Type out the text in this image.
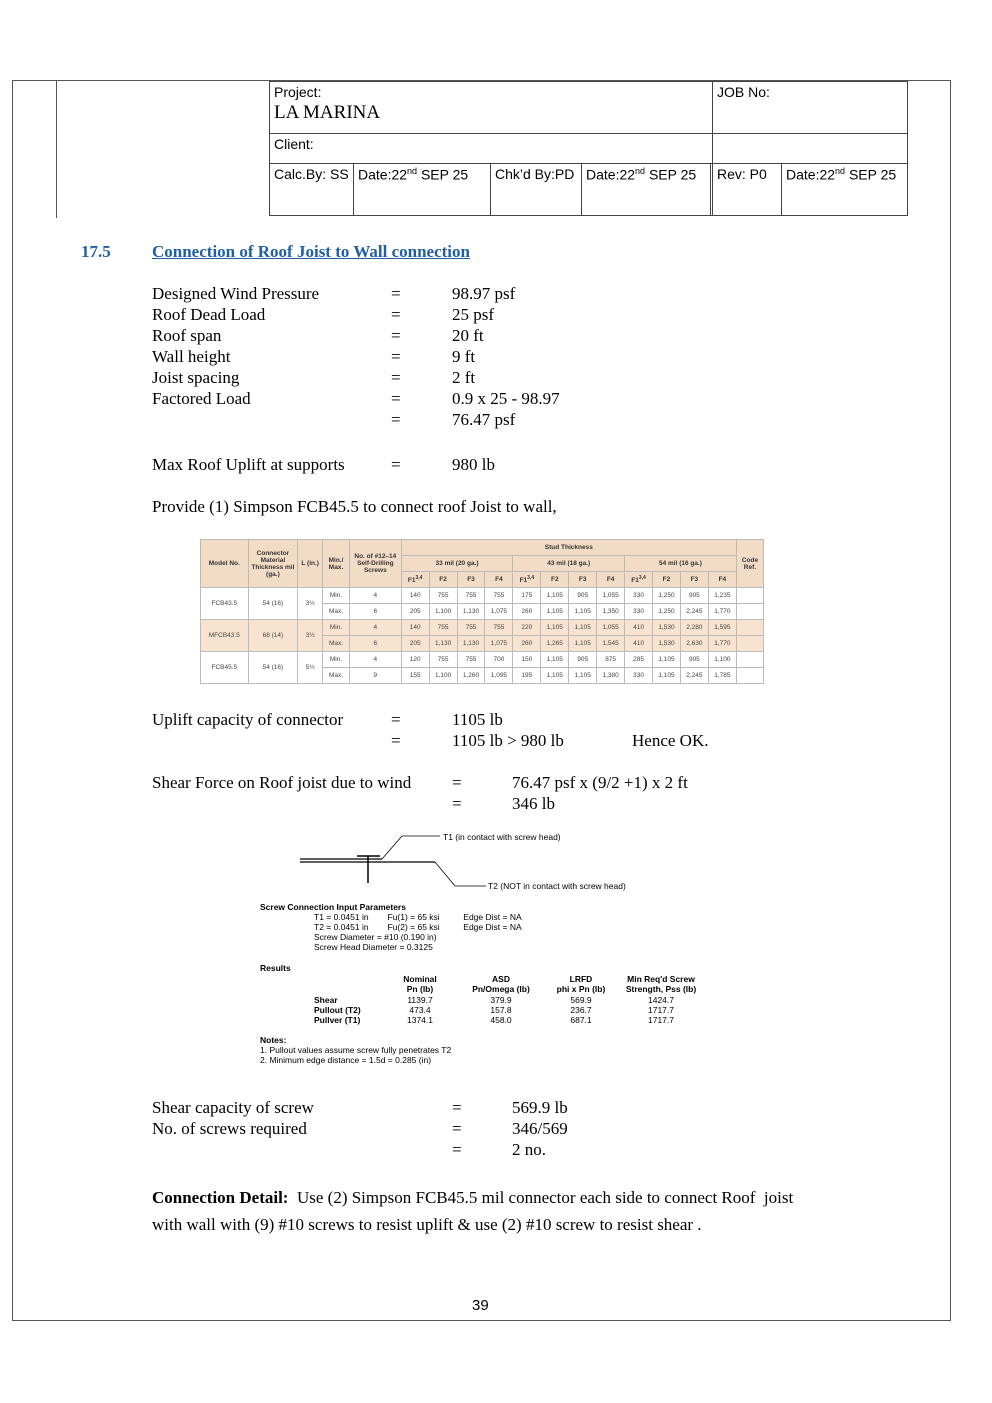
Project:
LA MARINA					JOB No:	
Client:						
Calc.By: SS	Date:22nd SEP 25	Chk’d By:PD	Date:22nd SEP 25		Rev: P0	Date:22nd SEP 25
17.5 Connection of Roof Joist to Wall connection
Designed Wind Pressure	=	98.97 psf
Roof Dead Load	=	25 psf
Roof span	=	20 ft
Wall height	=	9 ft
Joist spacing	=	2 ft
Factored Load	=	0.9 x 25 - 98.97
=	76.47 psf
Max Roof Uplift at supports	=	980 lb
Provide (1) Simpson FCB45.5 to connect roof Joist to wall,
Model No.	Connector Material Thickness mil (ga.)	L (in.)	Min./ Max.	No. of #12–14 Self-Drilling Screws	Stud Thickness												Code Ref.
					33 mil (20 ga.)				43 mil (18 ga.)				54 mil (16 ga.)				
					F1$^{3,4}$	F2	F3	F4	F1$^{3,4}$	F2	F3	F4	F1$^{3,4}$	F2	F3	F4	
FCB43.5	54 (16)	3½	Min.	4	140	755	755	755	175	1,105	905	1,055	330	1,250	905	1,235	
			Max.	6	205	1,100	1,130	1,075	260	1,105	1,105	1,350	330	1,250	2,245	1,770	
MFCB43.5	68 (14)	3½	Min.	4	140	755	755	755	220	1,105	1,105	1,055	410	1,530	2,280	1,595	
			Max.	6	205	1,130	1,130	1,075	260	1,265	1,105	1,545	410	1,530	2,630	1,770	
FCB45.5	54 (16)	5½	Min.	4	120	755	755	700	150	1,105	905	875	285	1,105	905	1,100	
			Max.	9	155	1,100	1,260	1,095	195	1,105	1,105	1,380	330	1,105	2,245	1,785	
Uplift capacity of connector	=	1105 lb
=	1105 lb > 980 lb	Hence OK.
Shear Force on Roof joist due to wind =	76.47 psf x (9/2 +1) x 2 ft
=	346 lb
T1 (in contact with screw head)
T2 (NOT in contact with screw head)
Screw Connection Input Parameters
T1 = 0.0451 in        Fu(1) = 65 ksi          Edge Dist = NA
T2 = 0.0451 in        Fu(2) = 65 ksi          Edge Dist = NA
Screw Diameter = #10 (0.190 in)
Screw Head Diameter = 0.3125
Results
Nominal
Pn (lb)
ASD
Pn/Omega (lb)
LRFD
phi x Pn (lb)
Min Req'd Screw
Strength, Pss (lb)
Shear	1139.7	379.9	569.9	1424.7
Pullout (T2)	473.4	157.8	236.7	1717.7
Pullver (T1)	1374.1	458.0	687.1	1717.7
Notes:
1. Pullout values assume screw fully penetrates T2
2. Minimum edge distance = 1.5d = 0.285 (in)
Shear capacity of screw	=	569.9 lb
No. of screws required	=	346/569
=	2 no.
Connection Detail:  Use (2) Simpson FCB45.5 mil connector each side to connect Roof  joist
with wall with (9) #10 screws to resist uplift & use (2) #10 screw to resist shear .
39
